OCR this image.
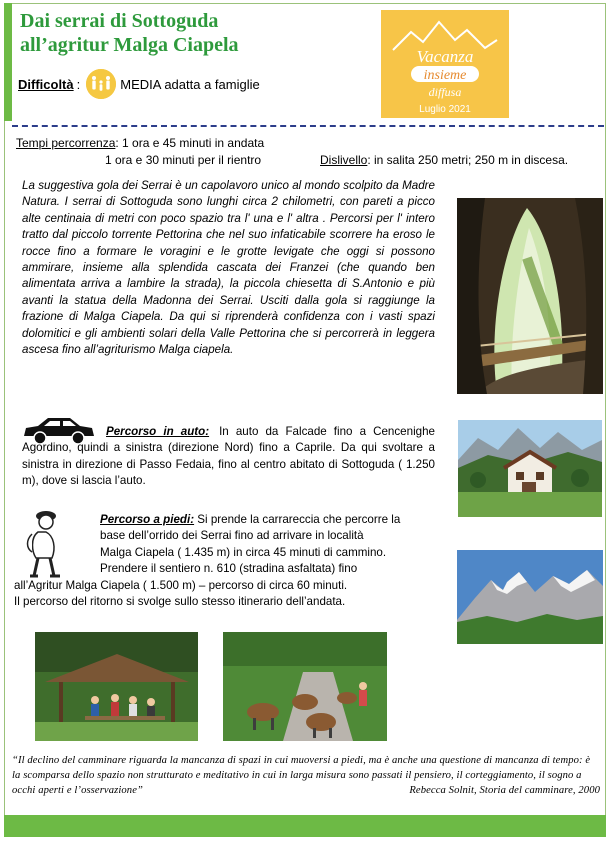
Dai serrai di Sottoguda
all’agritur Malga Ciapela
Difficoltà :	MEDIA adatta a famiglie
Vacanza
insieme
diffusa
Luglio 2021
Tempi percorrenza: 1 ora e 45 minuti in andata
1 ora e 30 minuti per il rientro	Dislivello: in salita 250 metri; 250 m in discesa.
La suggestiva gola dei Serrai è un capolavoro unico al mondo scolpito da Madre Natura. I serrai di Sottoguda sono lunghi circa 2 chilometri, con pareti a picco alte centinaia di metri con poco spazio tra l' una e l' altra . Percorsi per l' intero tratto dal piccolo torrente Pettorina che nel suo infaticabile scorrere ha eroso le rocce fino a formare le voragini e le grotte levigate che oggi si possono ammirare, insieme alla splendida cascata dei Franzei (che quando ben alimentata arriva a lambire la strada), la piccola chiesetta di S.Antonio e più avanti la statua della Madonna dei Serrai. Usciti dalla gola si raggiunge la frazione di Malga Ciapela. Da qui si riprenderà confidenza con i vasti spazi dolomitici e gli ambienti solari della Valle Pettorina che si percorrerà in leggera ascesa fino all’agriturismo Malga ciapela.
Percorso in auto: In auto da Falcade fino a Cencenighe Agordino, quindi a sinistra (direzione Nord) fino a Caprile. Da qui svoltare a sinistra in direzione di Passo Fedaia, fino al centro abitato di Sottoguda ( 1.250 m), dove si lascia l’auto.
Percorso a piedi: Si prende la carrareccia che percorre la
base dell’orrido dei Serrai fino ad arrivare in località
Malga Ciapela ( 1.435 m) in circa 45 minuti di cammino.
Prendere il sentiero n. 610 (stradina asfaltata) fino
all’Agritur Malga Ciapela ( 1.500 m) – percorso di circa 60 minuti.
Il percorso del ritorno si svolge sullo stesso itinerario dell’andata.
“Il declino del camminare riguarda la mancanza di spazi in cui muoversi a piedi, ma è anche una questione di mancanza di tempo: è la scomparsa dello spazio non strutturato e meditativo in cui in larga misura sono passati il pensiero, il corteggiamento, il sogno a occhi aperti e l’osservazione”	Rebecca Solnit, Storia del camminare, 2000
